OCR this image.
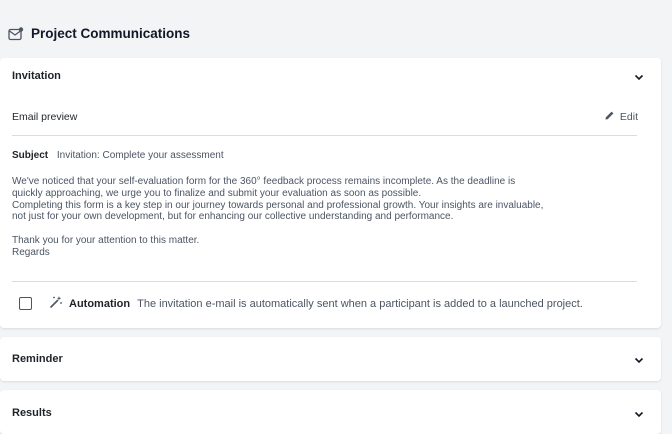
Project Communications
Invitation
Email preview	Edit
Subject Invitation: Complete your assessment

We've noticed that your self-evaluation form for the 360° feedback process remains incomplete. As the deadline is

quickly approaching, we urge you to finalize and submit your evaluation as soon as possible.

Completing this form is a key step in our journey towards personal and professional growth. Your insights are invaluable,

not just for your own development, but for enhancing our collective understanding and performance.

Thank you for your attention to this matter.

Regards

Automation The invitation e-mail is automatically sent when a participant is added to a launched project.
Reminder
Results
